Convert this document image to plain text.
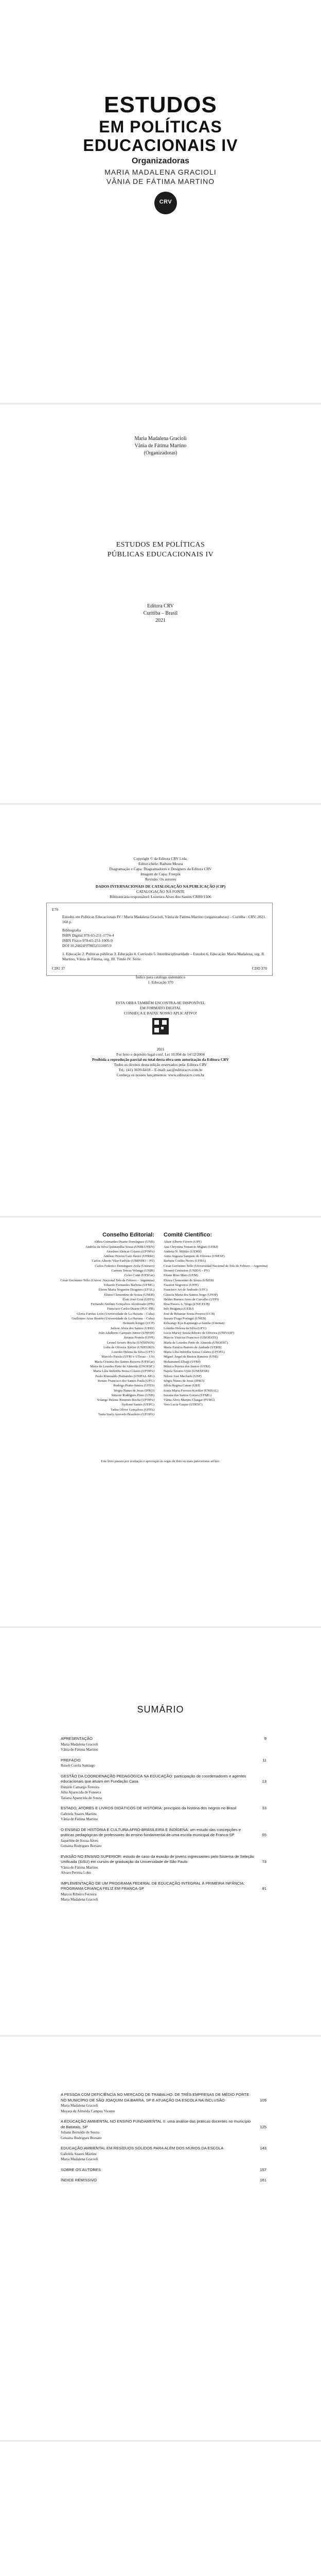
ESTUDOS
EM POLÍTICAS
EDUCACIONAIS IV
Organizadoras
MARIA MADALENA GRACIOLI
VÂNIA DE FÁTIMA MARTINO
CRV
Maria Madalena Gracioli
Vânia de Fátima Martino
(Organizadoras)
ESTUDOS EM POLÍTICAS
PÚBLICAS EDUCACIONAIS IV
Editora CRV
Curitiba – Brasil
2021
Copyright © da Editora CRV Ltda.
Editor-chefe: Railson Moura
Diagramação e Capa: Diagramadores e Designers da Editora CRV
Imagem de Capa: Freepik
Revisão: Os autores
DADOS INTERNACIONAIS DE CATALOGAÇÃO NA PUBLICAÇÃO (CIP)
CATALOGAÇÃO NA FONTE
Bibliotecária responsável: Luzenira Alves dos Santos CRB9/1506
E79
Estudos em Políticas Educacionais IV / Maria Madalena Gracioli, Vânia de Fátima Martino (organizadoras) – Curitiba : CRV, 2021. 168 p.
Bibliografia
ISBN Digital 978-65-251-1774-4
ISBN Físico 978-65-251-1005-9
DOI 10.24824/978652511005.9
1. Educação 2. Políticas públicas 3. Educação 4. Currículo 5. Interdisciplinaridade – Estudos 6. Educação. Maria Madalena, org. II. Martino, Vânia de Fátima, org. III. Título IV. Série.
CDU 37	CDD 370
Índice para catálogo sistemático
1. Educação 370
ESTA OBRA TAMBÉM ENCONTRA-SE DISPONÍVEL
EM FORMATO DIGITAL
CONHEÇA E BAIXE NOSSO APLICATIVO!
2021
Foi feito o depósito legal conf. Lei 10.994 de 14/12/2004
Proibida a reprodução parcial ou total desta obra sem autorização da Editora CRV
Todos os direitos desta edição reservados pela: Editora CRV
Tel.: (41) 3039-6418 – E-mail: sac@editoracrv.com.br
Conheça os nossos lançamentos: www.editoracrv.com.br
Conselho Editorial:
Aldira Guimarães Duarte Domínguez (UNB)
Andréia da Silva Quintanilha Sousa (UNIR/UFRN)
Anselmo Alencar Colares (UFOPA)
Antônio Pereira Gaio Júnior (UFRRJ)
Carlos Alberto Vilar Estêvão (UMINHO – PT)
Carlos Federico Dominguez Avila (Unieuro)
Carmen Tereza Velanga (UNIR)
Celso Conti (UFSCar)
Cesar Gerónimo Tello (Univer .Nacional Três de Febrero – Argentina)
Eduardo Fernandes Barbosa (UFMG)
Elione Maria Nogueira Diogenes (UFAL)
Elizeu Clementino de Souza (UNEB)
Élsio José Corá (UFFS)
Fernando Antônio Gonçalves Alcoforado (IPB)
Francisco Carlos Duarte (PUC-PR)
Gloria Fariñas León (Universidade de La Havana – Cuba)
Guillermo Arias Beatón (Universidade de La Havana – Cuba)
Helmuth Krüger (UCP)
Jailson Alves dos Santos (UFRJ)
João Adalberto Campato Junior (UNESP)
Josania Portela (UFPI)
Leonel Severo Rocha (UNISINOS)
Lídia de Oliveira Xavier (UNIEURO)
Lourdes Helena da Silva (UFV)
Marcelo Paixão (UFRJ e UTexas – US)
Maria Cristina dos Santos Bezerra (UFSCar)
Maria de Lourdes Pinto de Almeida (UNOESC)
Maria Lília Imbiriba Sousa Colares (UFOPA)
Paulo Romualdo Hernandes (UNIFAL-MG)
Renato Francisco dos Santos Paula (UFG)
Rodrigo Pratte-Santos (UFES)
Sérgio Nunes de Jesus (IFRO)
Simone Rodrigues Pinto (UNB)
Solange Helena Ximenes-Rocha (UFOPA)
Sydione Santos (UEPG)
Tadeu Oliver Gonçalves (UFPA)
Tania Suely Azevedo Brasileiro (UFOPA)
Comitê Científico:
Altair Alberto Fávero (UPF)
Ana Chrystina Venancio Mignot (UERJ)
Andréia N. Militão (UEMS)
Anna Augusta Sampaio de Oliveira (UNESP)
Barbara Coelho Neves (UFBA)
Cesar Gerónimo Tello (Universidad Nacional de Três de Febrero – Argentina)
Diosnel Centurion (UNIDA – PY)
Eliane Rose Maio (UEM)
Elizeu Clementino de Souza (UNEB)
Fauston Negreiros (UFPI)
Francisco Ari de Andrade (UFC)
Gláucia Maria dos Santos Jorge (UFOP)
Helder Buenos Aires de Carvalho (UFPI)
Ilma Passos A. Veiga (UNICEUB)
Inês Bragança (UERJ)
José de Ribamar Sousa Pereira (UCB)
Jussara Fraga Portugal (UNEB)
Kilwangy Kya Kapitango-a-Samba (Unemat)
Lourdes Helena da Silva (UFV)
Lucia Marisy Souza Ribeiro de Oliveira (UNIVASF)
Marcos Vinicius Francisco (UNOESTE)
Maria de Lourdes Pinto de Almeida (UNOESC)
Maria Eurácia Barreto de Andrade (UFRB)
Maria Lília Imbiriba Sousa Colares (UFOPA)
Míguel Ángel de Bustos Ramírez (UNE)
Mohammed Elhajji (UFRJ)
Mônica Pereira dos Santos (UFRJ)
Najela Tavares Ujiie (UNESPAR)
Nilson José Machado (USP)
Sérgio Nunes de Jesus (IFRO)
Silvia Regina Canan (URI)
Sonia Maria Ferreira Koehler (UNISAL)
Suzana dos Santos Gomes (UFMG)
Vânia Alves Martins Chaigar (FURG)
Vera Lucia Gaspar (UDESC)
Este livro passou por avaliação e aprovação às cegas de dois ou mais pareceristas ad hoc.
SUMÁRIO
APRESENTAÇÃO	9
Maria Madalena Gracioli
Vânia de Fátima Martino
PREFÁCIO	11
Roseli Corrêa Santiago
GESTÃO DA COORDENAÇÃO PEDAGÓGICA NA EDUCAÇÃO: participação de coordenadores e agentes educacionais que atuam em Fundação Casa	13
Daniele Camargo Ferreira
Júlia Aparecida de Fonseca
Tatiana Aparecida de Souza
ESTADO, ATORES E LIVROS DIDÁTICOS DE HISTÓRIA: princípios da história dos negros no Brasil	33
Gabriela Soares Martins
Vânia de Fátima Martino
O ENSINO DE HISTÓRIA E CULTURA AFRO-BRASILEIRA E INDÍGENA: um estudo das concepções e práticas pedagógicas de professores do ensino fundamental de uma escola municipal de Franca-SP	55
Jaqueline de Sousa Alves
Genaina Rodrigues Borsato
EVASÃO NO ENSINO SUPERIOR: estudo de caso da evasão de jovens ingressantes pelo Sistema de Seleção Unificada (SiSU) em cursos de graduação da Universidade de São Paulo	73
Vânia de Fátima Martino
Alvaro Pereira Lobo
IMPLEMENTAÇÃO DE UM PROGRAMA FEDERAL DE EDUCAÇÃO INTEGRAL À PRIMEIRA INFÂNCIA: PROGRAMA CRIANÇA FELIZ EM FRANCA-SP	91
Marcos Ribeiro Ferreira
Maria Madalena Gracioli
A PESSOA COM DEFICIÊNCIA NO MERCADO DE TRABALHO: DE TRÊS EMPRESAS DE MÉDIO PORTE NO MUNICÍPIO DE SÃO JOAQUIM DA BARRA, SP E ATUAÇÃO DA ESCOLA NA INCLUSÃO	109
Maria Madalena Gracioli
Mayara de Almeida Campos Vicente
A EDUCAÇÃO AMBIENTAL NO ENSINO FUNDAMENTAL II: uma análise das práticas docentes no município de Batatais, SP	125
Juliana Bertoldo de Souza
Genaina Rodrigues Borsato
EDUCAÇÃO AMBIENTAL EM RESÍDUOS SÓLIDOS PARA ALÉM DOS MUROS DA ESCOLA	143
Gabriela Soares Martins
Maria Madalena Gracioli
SOBRE OS AUTORES	157
ÍNDICE REMISSIVO	161
